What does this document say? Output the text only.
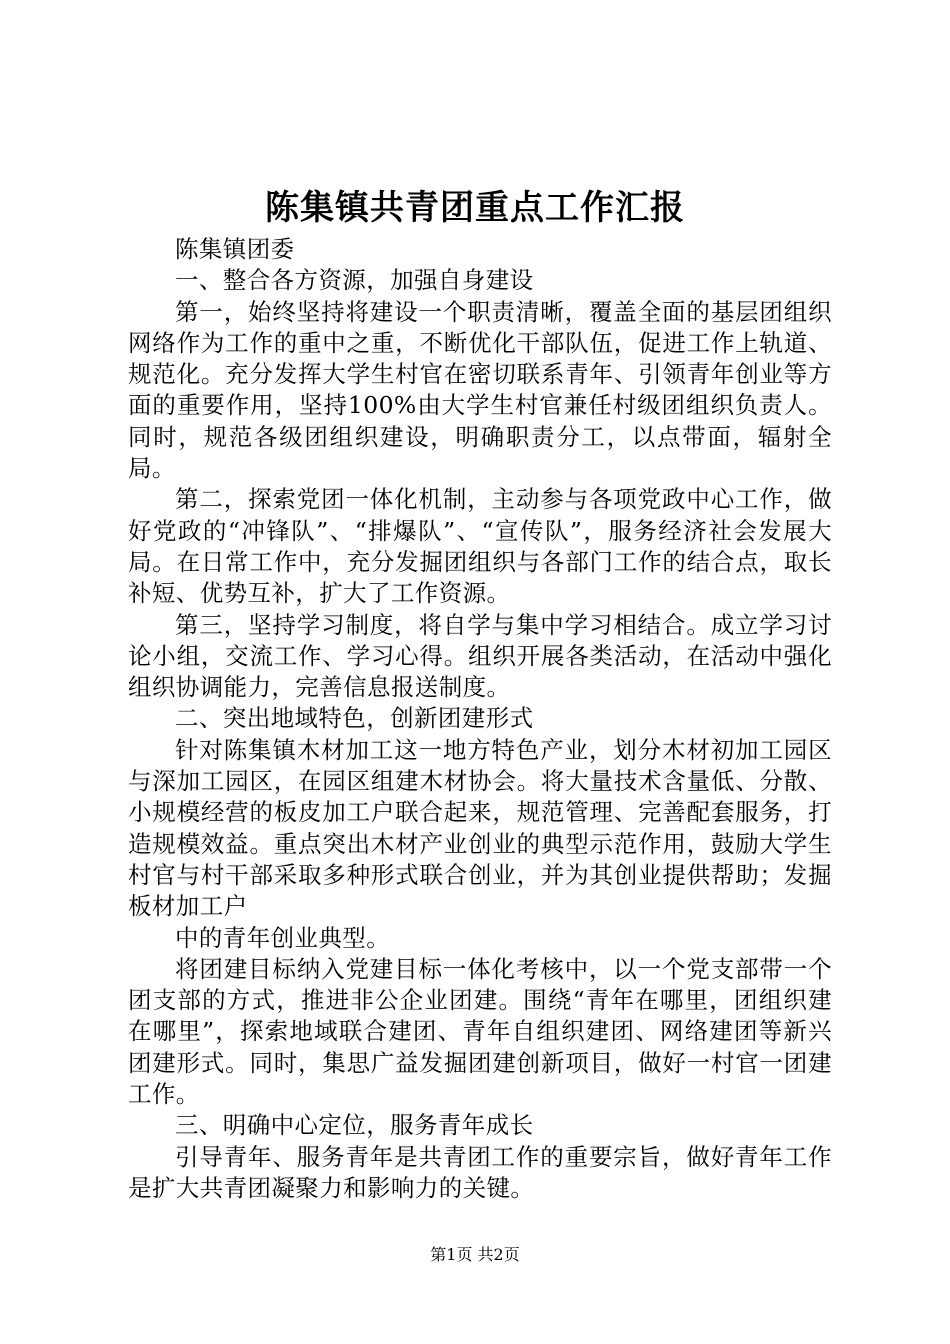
陈集镇共青团重点工作汇报

陈集镇团委

一、整合各方资源，加强自身建设

第一，始终坚持将建设一个职责清晰，覆盖全面的基层团组织网络作为工作的重中之重，不断优化干部队伍，促进工作上轨道、规范化。充分发挥大学生村官在密切联系青年、引领青年创业等方面的重要作用，坚持100%由大学生村官兼任村级团组织负责人。同时，规范各级团组织建设，明确职责分工，以点带面，辐射全局。

第二，探索党团一体化机制，主动参与各项党政中心工作，做好党政的“冲锋队”、“排爆队”、“宣传队”，服务经济社会发展大局。在日常工作中，充分发掘团组织与各部门工作的结合点，取长补短、优势互补，扩大了工作资源。

第三，坚持学习制度，将自学与集中学习相结合。成立学习讨论小组，交流工作、学习心得。组织开展各类活动，在活动中强化组织协调能力，完善信息报送制度。

二、突出地域特色，创新团建形式

针对陈集镇木材加工这一地方特色产业，划分木材初加工园区与深加工园区，在园区组建木材协会。将大量技术含量低、分散、小规模经营的板皮加工户联合起来，规范管理、完善配套服务，打造规模效益。重点突出木材产业创业的典型示范作用，鼓励大学生村官与村干部采取多种形式联合创业，并为其创业提供帮助；发掘板材加工户

中的青年创业典型。

将团建目标纳入党建目标一体化考核中，以一个党支部带一个团支部的方式，推进非公企业团建。围绕“青年在哪里，团组织建在哪里”，探索地域联合建团、青年自组织建团、网络建团等新兴团建形式。同时，集思广益发掘团建创新项目，做好一村官一团建工作。

三、明确中心定位，服务青年成长

引导青年、服务青年是共青团工作的重要宗旨，做好青年工作是扩大共青团凝聚力和影响力的关键。

第1页 共2页
